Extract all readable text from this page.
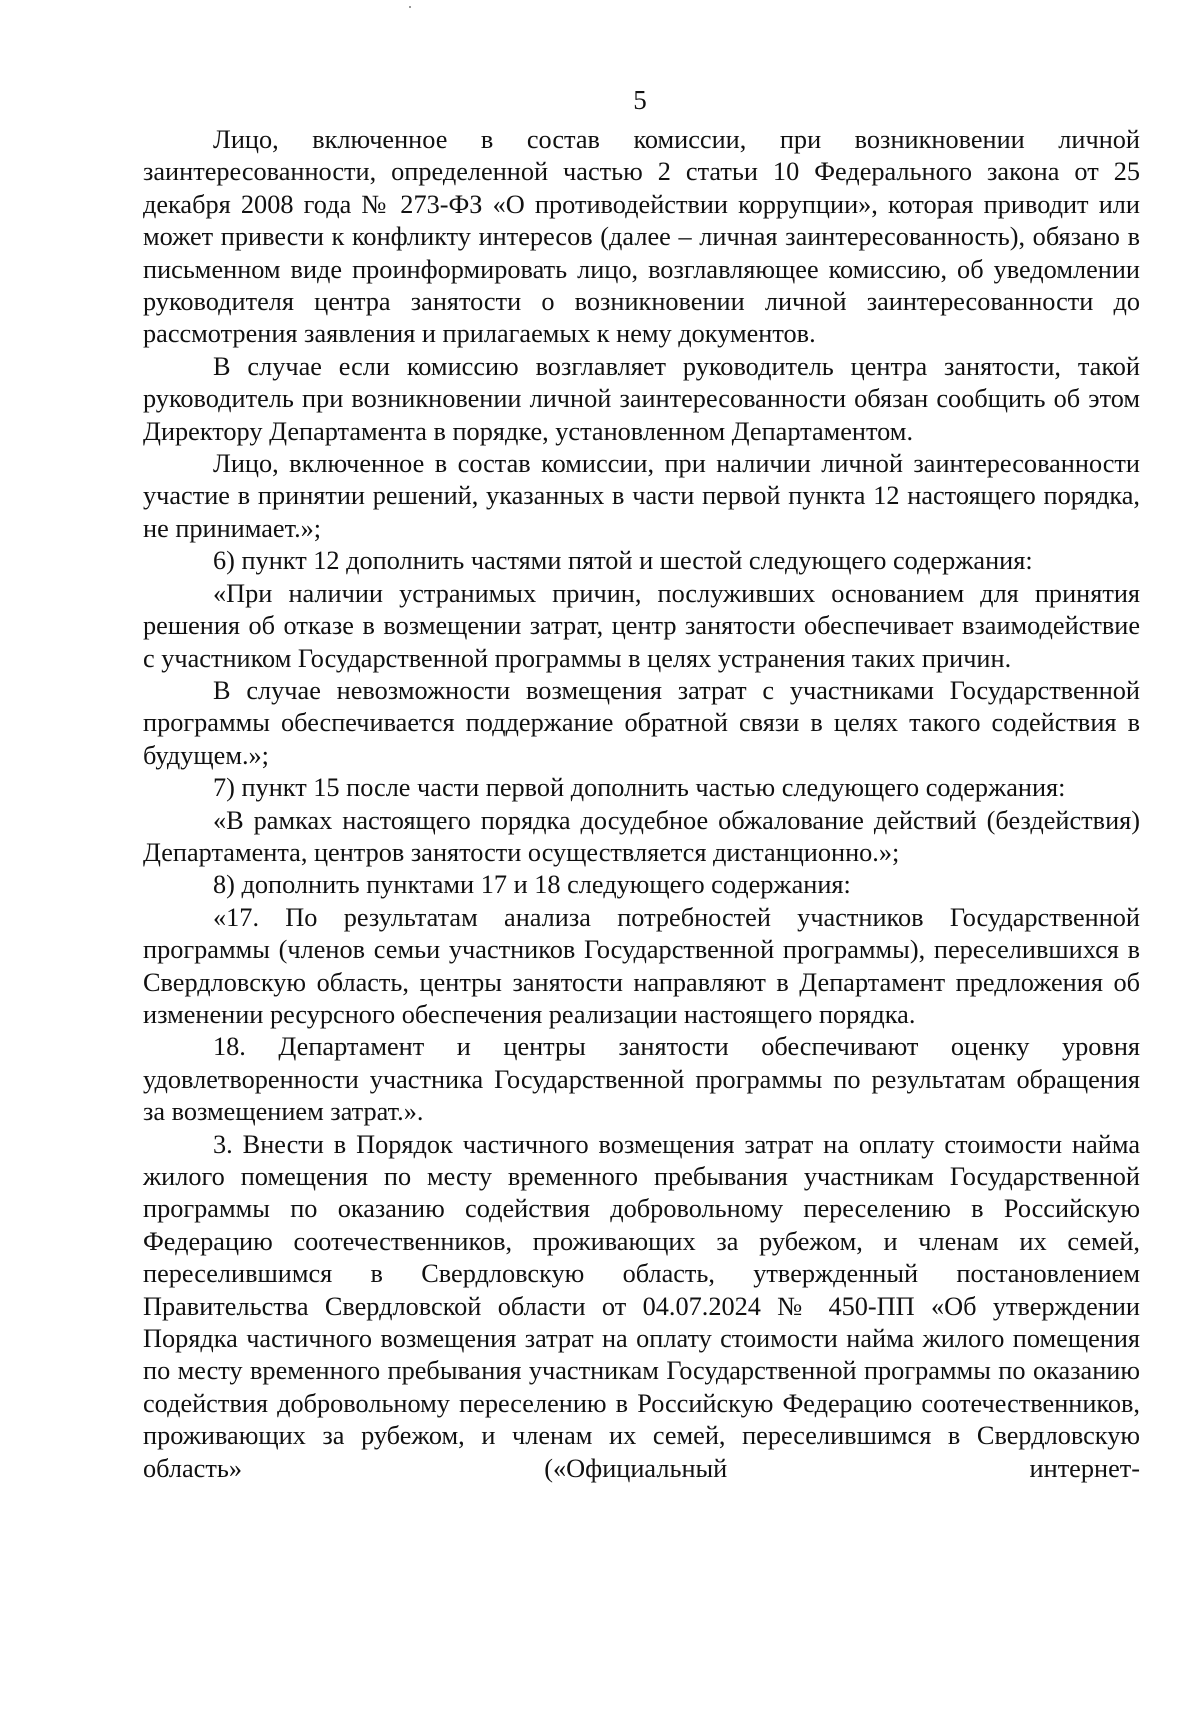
5

Лицо, включенное в состав комиссии, при возникновении личной заинтересованности, определенной частью 2 статьи 10 Федерального закона от 25 декабря 2008 года № 273-ФЗ «О противодействии коррупции», которая приводит или может привести к конфликту интересов (далее – личная заинтересованность), обязано в письменном виде проинформировать лицо, возглавляющее комиссию, об уведомлении руководителя центра занятости о возникновении личной заинтересованности до рассмотрения заявления и прилагаемых к нему документов.

В случае если комиссию возглавляет руководитель центра занятости, такой руководитель при возникновении личной заинтересованности обязан сообщить об этом Директору Департамента в порядке, установленном Департаментом.

Лицо, включенное в состав комиссии, при наличии личной заинтересованности участие в принятии решений, указанных в части первой пункта 12 настоящего порядка, не принимает.»;

6) пункт 12 дополнить частями пятой и шестой следующего содержания:

«При наличии устранимых причин, послуживших основанием для принятия решения об отказе в возмещении затрат, центр занятости обеспечивает взаимодействие с участником Государственной программы в целях устранения таких причин.

В случае невозможности возмещения затрат с участниками Государственной программы обеспечивается поддержание обратной связи в целях такого содействия в будущем.»;

7) пункт 15 после части первой дополнить частью следующего содержания:

«В рамках настоящего порядка досудебное обжалование действий (бездействия) Департамента, центров занятости осуществляется дистанционно.»;

8) дополнить пунктами 17 и 18 следующего содержания:

«17. По результатам анализа потребностей участников Государственной программы (членов семьи участников Государственной программы), переселившихся в Свердловскую область, центры занятости направляют в Департамент предложения об изменении ресурсного обеспечения реализации настоящего порядка.

18. Департамент и центры занятости обеспечивают оценку уровня удовлетворенности участника Государственной программы по результатам обращения за возмещением затрат.».

3. Внести в Порядок частичного возмещения затрат на оплату стоимости найма жилого помещения по месту временного пребывания участникам Государственной программы по оказанию содействия добровольному переселению в Российскую Федерацию соотечественников, проживающих за рубежом, и членам их семей, переселившимся в Свердловскую область, утвержденный постановлением Правительства Свердловской области от 04.07.2024 № 450-ПП «Об утверждении Порядка частичного возмещения затрат на оплату стоимости найма жилого помещения по месту временного пребывания участникам Государственной программы по оказанию содействия добровольному переселению в Российскую Федерацию соотечественников, проживающих за рубежом, и членам их семей, переселившимся в Свердловскую область» («Официальный интернет-
